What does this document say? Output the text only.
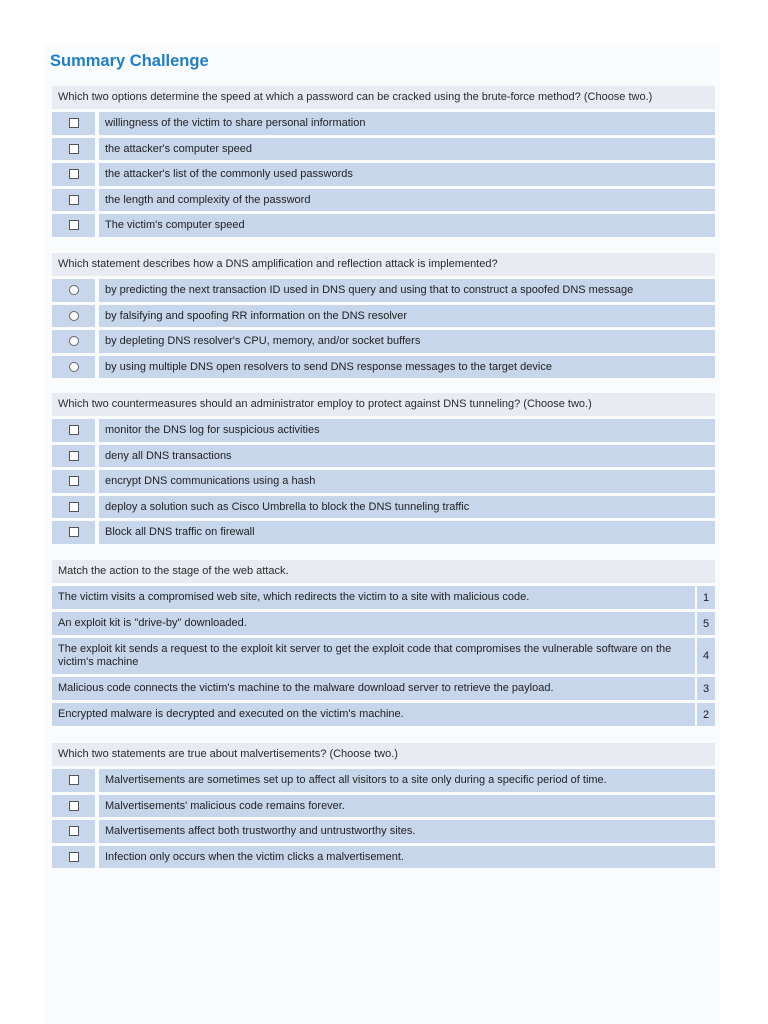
Summary Challenge
Which two options determine the speed at which a password can be cracked using the brute-force method? (Choose two.)
willingness of the victim to share personal information
the attacker's computer speed
the attacker's list of the commonly used passwords
the length and complexity of the password
The victim's computer speed
Which statement describes how a DNS amplification and reflection attack is implemented?
by predicting the next transaction ID used in DNS query and using that to construct a spoofed DNS message
by falsifying and spoofing RR information on the DNS resolver
by depleting DNS resolver's CPU, memory, and/or socket buffers
by using multiple DNS open resolvers to send DNS response messages to the target device
Which two countermeasures should an administrator employ to protect against DNS tunneling? (Choose two.)
monitor the DNS log for suspicious activities
deny all DNS transactions
encrypt DNS communications using a hash
deploy a solution such as Cisco Umbrella to block the DNS tunneling traffic
Block all DNS traffic on firewall
Match the action to the stage of the web attack.
The victim visits a compromised web site, which redirects the victim to a site with malicious code.	1
An exploit kit is "drive-by" downloaded.	5
The exploit kit sends a request to the exploit kit server to get the exploit code that compromises the vulnerable software on the victim's machine	4
Malicious code connects the victim's machine to the malware download server to retrieve the payload.	3
Encrypted malware is decrypted and executed on the victim's machine.	2
Which two statements are true about malvertisements? (Choose two.)
Malvertisements are sometimes set up to affect all visitors to a site only during a specific period of time.
Malvertisements' malicious code remains forever.
Malvertisements affect both trustworthy and untrustworthy sites.
Infection only occurs when the victim clicks a malvertisement.
